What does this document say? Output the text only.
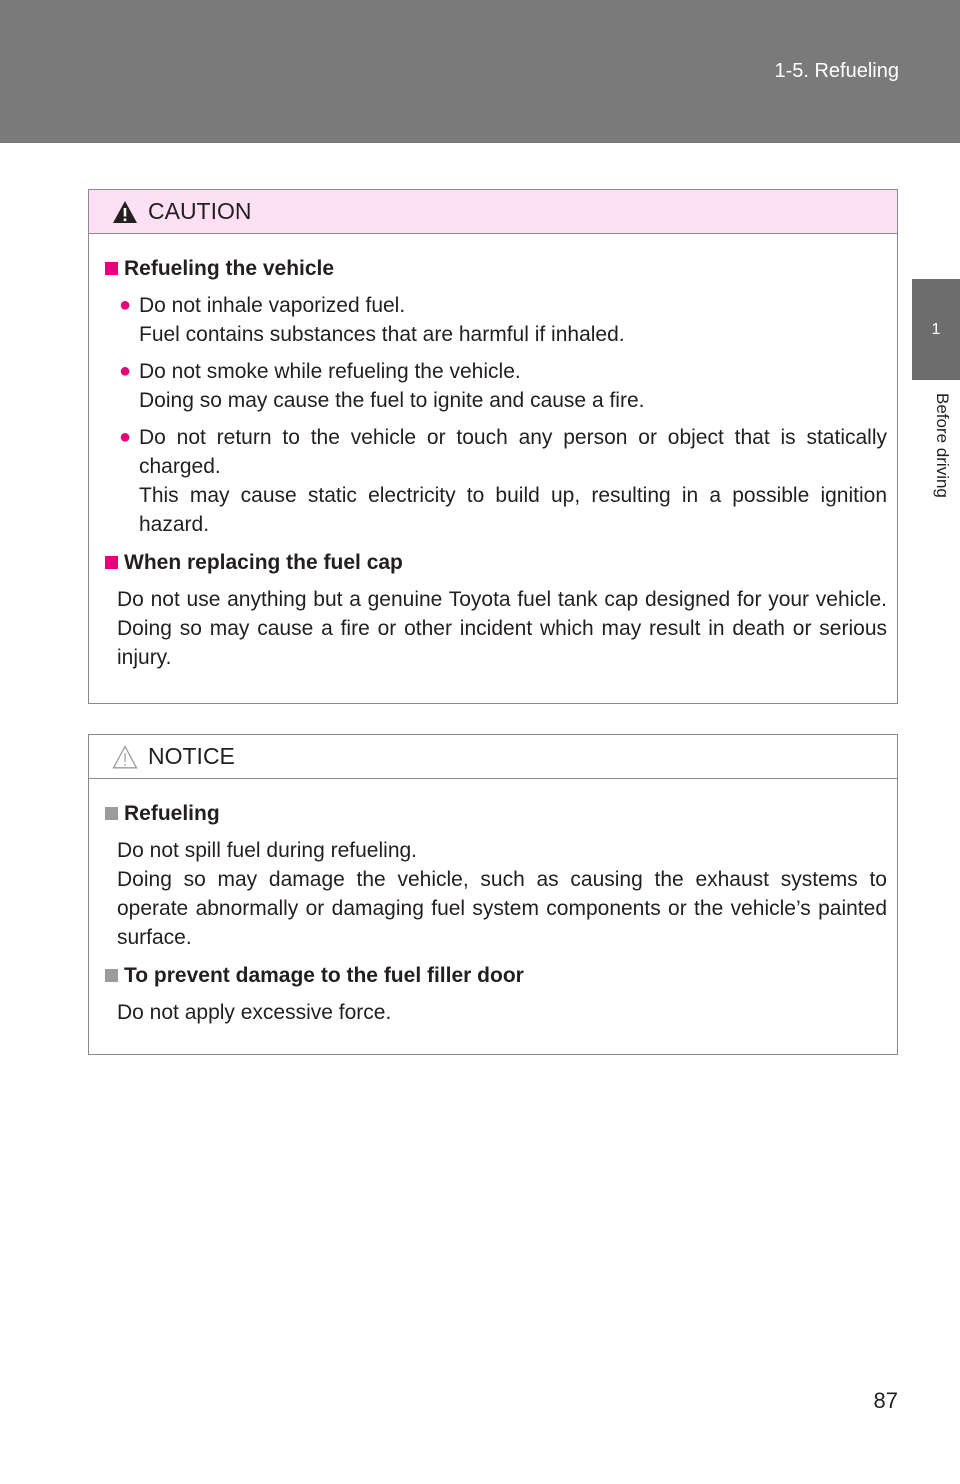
1-5. Refueling
1
Before driving
CAUTION
Refueling the vehicle
● Do not inhale vaporized fuel.
Fuel contains substances that are harmful if inhaled.
● Do not smoke while refueling the vehicle.
Doing so may cause the fuel to ignite and cause a fire.
● Do not return to the vehicle or touch any person or object that is statically charged.
This may cause static electricity to build up, resulting in a possible ignition hazard.
When replacing the fuel cap
Do not use anything but a genuine Toyota fuel tank cap designed for your vehicle. Doing so may cause a fire or other incident which may result in death or serious injury.
NOTICE
Refueling
Do not spill fuel during refueling.
Doing so may damage the vehicle, such as causing the exhaust systems to operate abnormally or damaging fuel system components or the vehicle’s painted surface.
To prevent damage to the fuel filler door
Do not apply excessive force.
87
